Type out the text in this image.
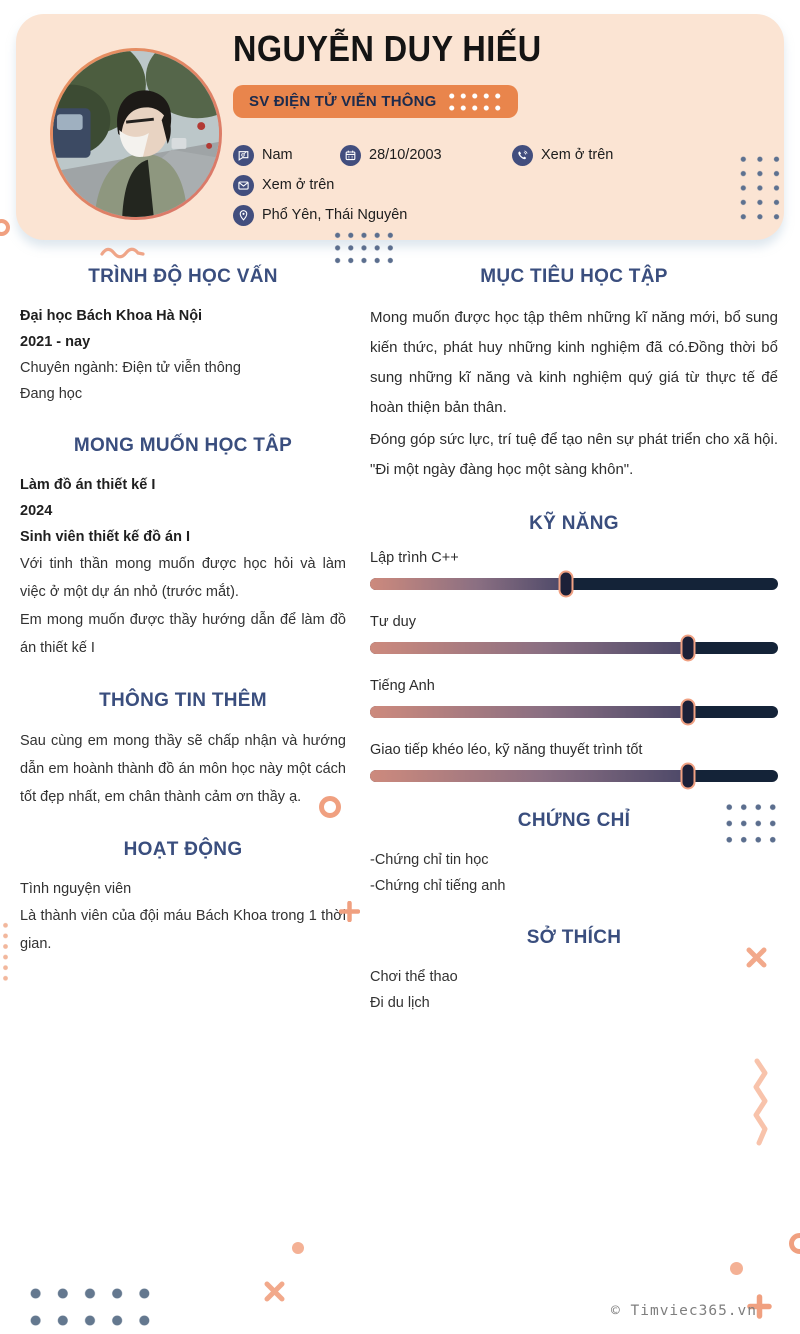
NGUYỄN DUY HIẾU
SV ĐIỆN TỬ VIỄN THÔNG
Nam	28/10/2003	Xem ở trên
Xem ở trên
Phổ Yên, Thái Nguyên
TRÌNH ĐỘ HỌC VẤN
Đại học Bách Khoa Hà Nội
2021 - nay
Chuyên ngành: Điện tử viễn thông
Đang học
MONG MUỐN HỌC TÂP
Làm đồ án thiết kế I
2024
Sinh viên thiết kế đồ án I

Với tinh thần mong muốn được học hỏi và làm việc ở một dự án nhỏ (trước mắt).

Em mong muốn được thầy hướng dẫn để làm đồ án thiết kế I

THÔNG TIN THÊM

Sau cùng em mong thầy sẽ chấp nhận và hướng dẫn em hoành thành đồ án môn học này một cách tốt đẹp nhất, em chân thành cảm ơn thầy ạ.

HOẠT ĐỘNG
Tình nguyện viên

Là thành viên của đội máu Bách Khoa trong 1 thời gian.

MỤC TIÊU HỌC TẬP

Mong muốn được học tập thêm những kĩ năng mới, bổ sung kiến thức, phát huy những kinh nghiệm đã có.Đồng thời bổ sung những kĩ năng và kinh nghiệm quý giá từ thực tế để hoàn thiện bản thân.

Đóng góp sức lực, trí tuệ để tạo nên sự phát triển cho xã hội. "Đi một ngày đàng học một sàng khôn".

KỸ NĂNG
Lập trình C++
Tư duy
Tiếng Anh
Giao tiếp khéo léo, kỹ năng thuyết trình tốt
CHỨNG CHỈ
-Chứng chỉ tin học
-Chứng chỉ tiếng anh
SỞ THÍCH
Chơi thể thao
Đi du lịch
© Timviec365.vn
